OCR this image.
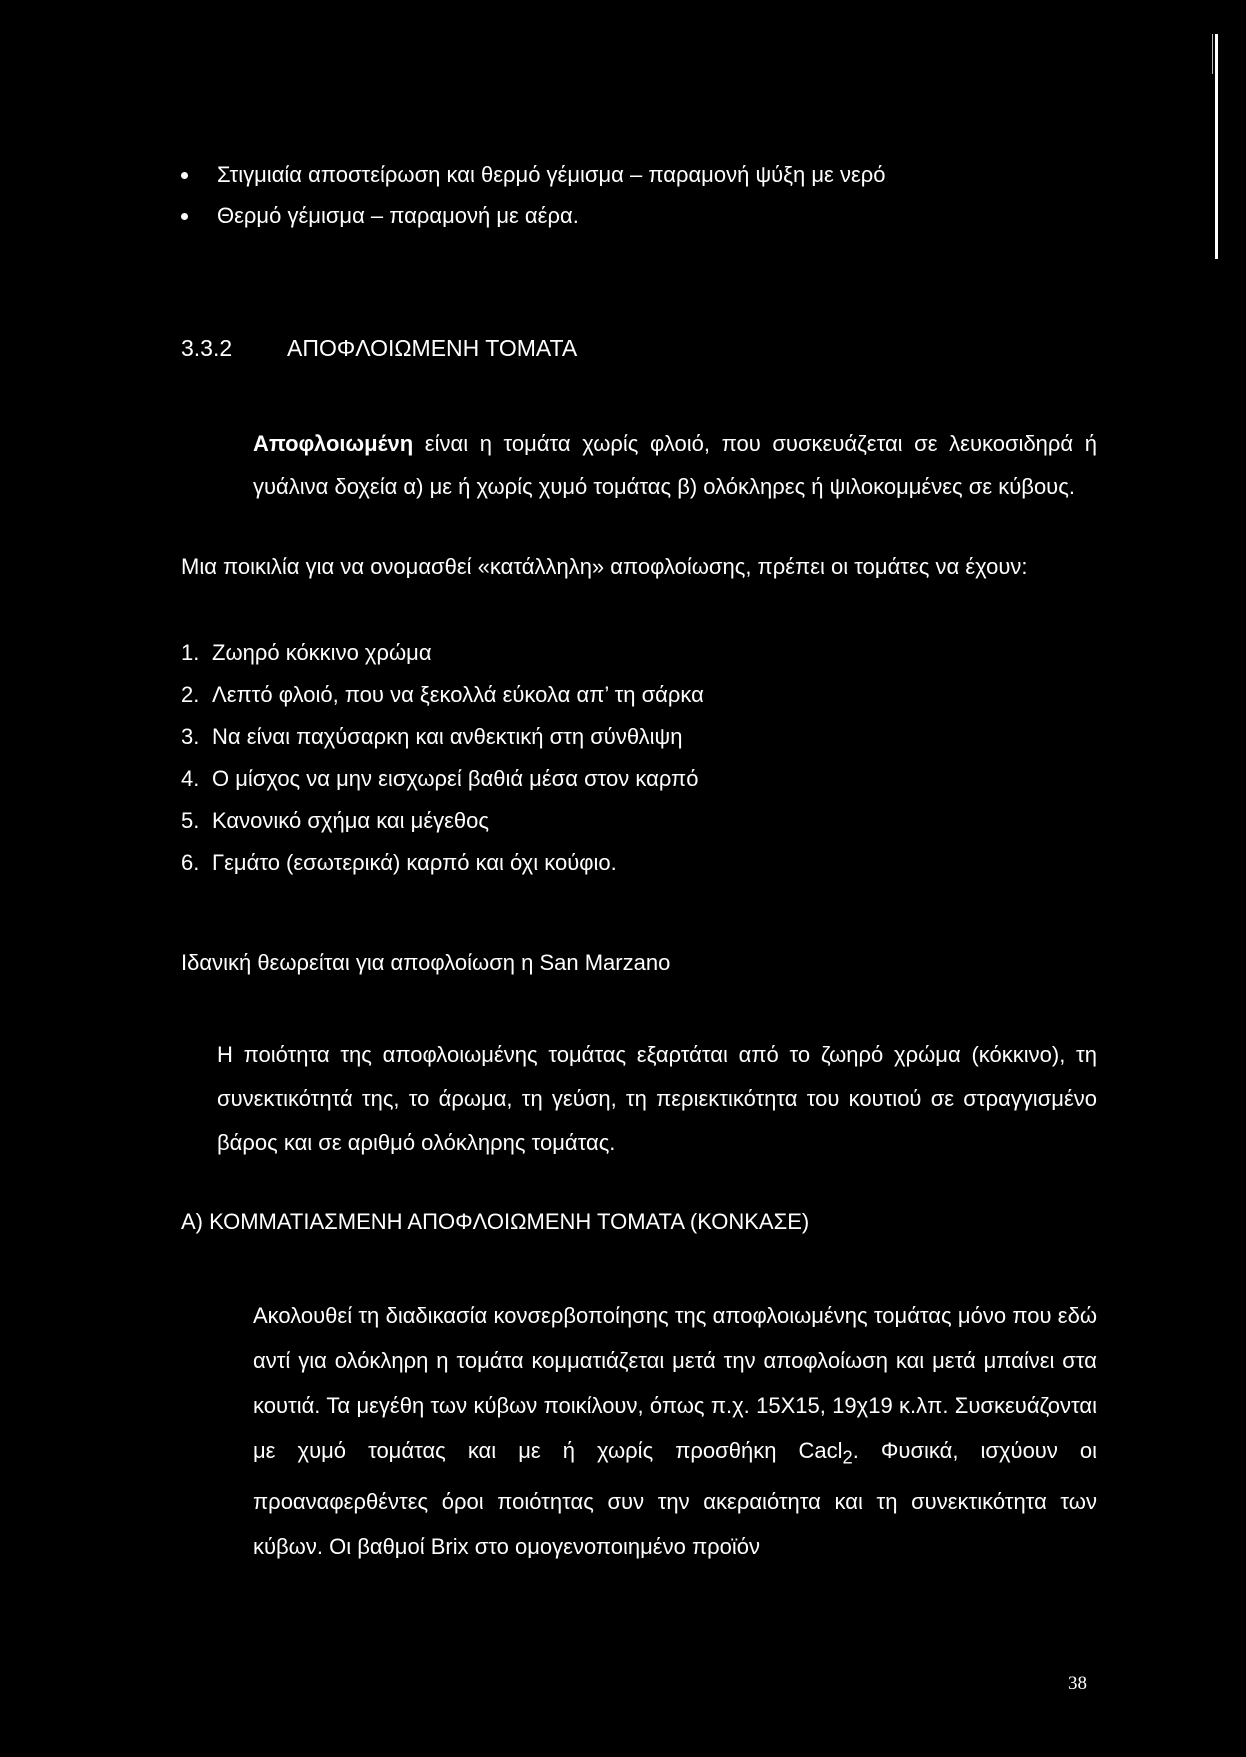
Στιγμιαία αποστείρωση και θερμό γέμισμα – παραμονή ψύξη με νερό
Θερμό γέμισμα – παραμονή με αέρα.
3.3.2 ΑΠΟΦΛΟΙΩΜΕΝΗ ΤΟΜΑΤΑ
Αποφλοιωμένη είναι η τομάτα χωρίς φλοιό, που συσκευάζεται σε λευκοσιδηρά ή γυάλινα δοχεία α) με ή χωρίς χυμό τομάτας β) ολόκληρες ή ψιλοκομμένες σε κύβους.
Μια ποικιλία για να ονομασθεί «κατάλληλη» αποφλοίωσης, πρέπει οι τομάτες να έχουν:
1. Ζωηρό κόκκινο χρώμα
2. Λεπτό φλοιό, που να ξεκολλά εύκολα απ’ τη σάρκα
3. Να είναι παχύσαρκη και ανθεκτική στη σύνθλιψη
4. Ο μίσχος να μην εισχωρεί βαθιά μέσα στον καρπό
5. Κανονικό σχήμα και μέγεθος
6. Γεμάτο (εσωτερικά) καρπό και όχι κούφιο.
Ιδανική θεωρείται για αποφλοίωση η San Marzano
Η ποιότητα της αποφλοιωμένης τομάτας εξαρτάται από το ζωηρό χρώμα (κόκκινο), τη συνεκτικότητά της, το άρωμα, τη γεύση, τη περιεκτικότητα του κουτιού σε στραγγισμένο βάρος και σε αριθμό ολόκληρης τομάτας.
Α) ΚΟΜΜΑΤΙΑΣΜΕΝΗ ΑΠΟΦΛΟΙΩΜΕΝΗ ΤΟΜΑΤΑ (ΚΟΝΚΑΣΕ)
Ακολουθεί τη διαδικασία κονσερβοποίησης της αποφλοιωμένης τομάτας μόνο που εδώ αντί για ολόκληρη η τομάτα κομματιάζεται μετά την αποφλοίωση και μετά μπαίνει στα κουτιά. Τα μεγέθη των κύβων ποικίλουν, όπως π.χ. 15Χ15, 19χ19 κ.λπ. Συσκευάζονται με χυμό τομάτας και με ή χωρίς προσθήκη Cacl$_2$. Φυσικά, ισχύουν οι προαναφερθέντες όροι ποιότητας συν την ακεραιότητα και τη συνεκτικότητα των κύβων. Οι βαθμοί Brix στο ομογενοποιημένο προϊόν
38
